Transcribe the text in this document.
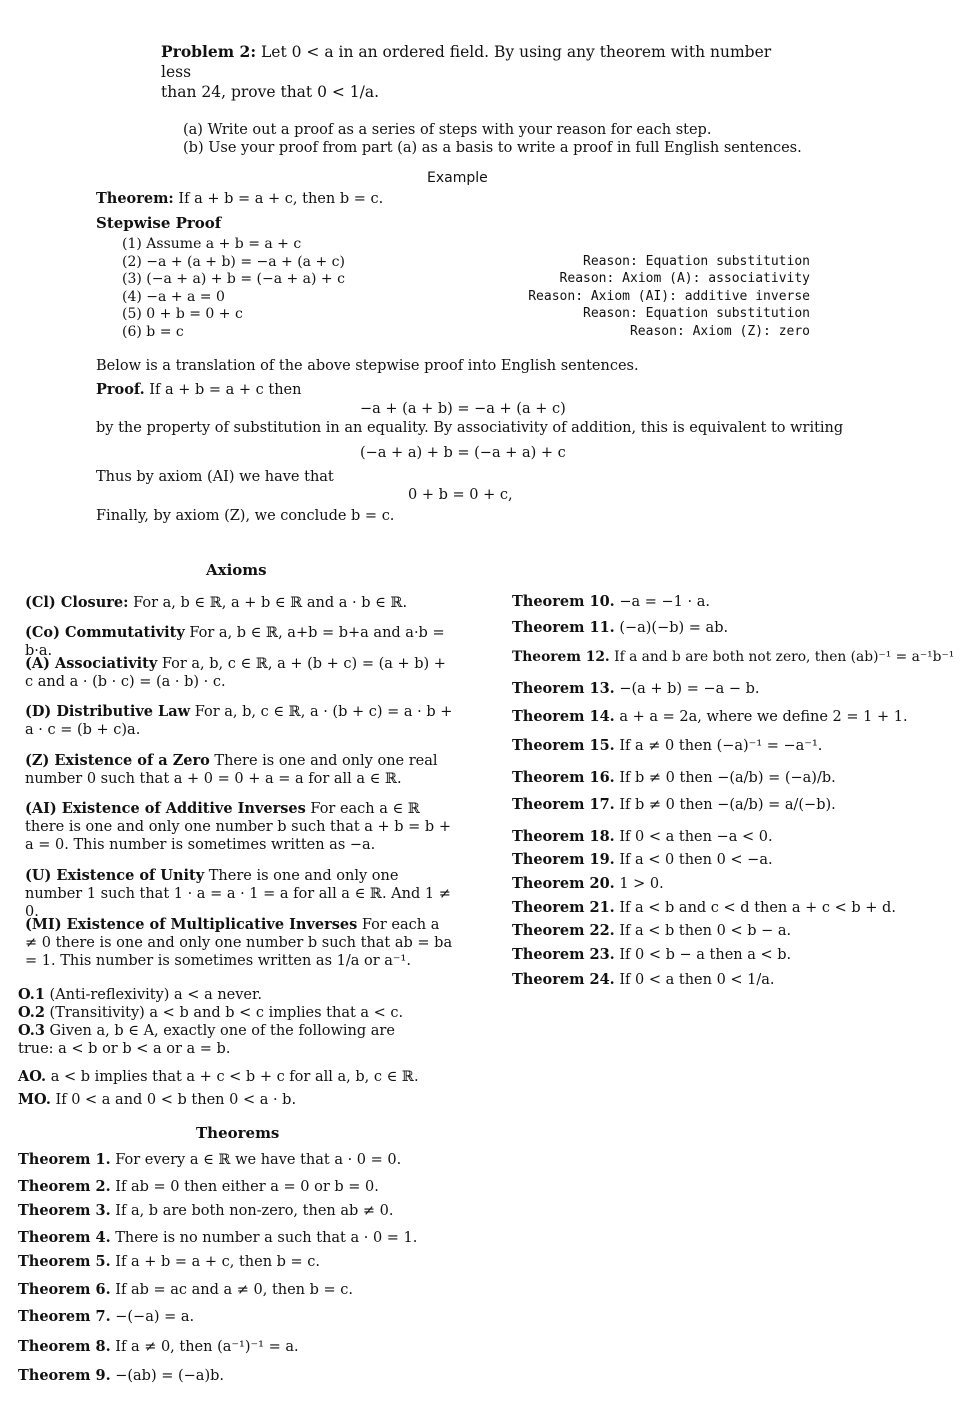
Problem 2: Let 0 < a in an ordered field. By using any theorem with number less
than 24, prove that 0 < 1/a.
(a) Write out a proof as a series of steps with your reason for each step.
(b) Use your proof from part (a) as a basis to write a proof in full English sentences.
Example
Theorem: If a + b = a + c, then b = c.
Stepwise Proof
(1) Assume a + b = a + c
(2) −a + (a + b) = −a + (a + c)	Reason: Equation substitution
(3) (−a + a) + b = (−a + a) + c	Reason: Axiom (A): associativity
(4) −a + a = 0	Reason: Axiom (AI): additive inverse
(5) 0 + b = 0 + c	Reason: Equation substitution
(6) b = c	Reason: Axiom (Z): zero
Below is a translation of the above stepwise proof into English sentences.
Proof. If a + b = a + c then
−a + (a + b) = −a + (a + c)
by the property of substitution in an equality. By associativity of addition, this is equivalent to writing
(−a + a) + b = (−a + a) + c
Thus by axiom (AI) we have that
0 + b = 0 + c,
Finally, by axiom (Z), we conclude b = c.
Axioms
(Cl) Closure: For a, b ∈ ℝ, a + b ∈ ℝ and a · b ∈ ℝ.
(Co) Commutativity For a, b ∈ ℝ, a+b = b+a and a·b = b·a.
(A) Associativity For a, b, c ∈ ℝ, a + (b + c) = (a + b) + c and a · (b · c) = (a · b) · c.
(D) Distributive Law For a, b, c ∈ ℝ, a · (b + c) = a · b + a · c = (b + c)a.
(Z) Existence of a Zero There is one and only one real number 0 such that a + 0 = 0 + a = a for all a ∈ ℝ.
(AI) Existence of Additive Inverses For each a ∈ ℝ there is one and only one number b such that a + b = b + a = 0. This number is sometimes written as −a.
(U) Existence of Unity There is one and only one number 1 such that 1 · a = a · 1 = a for all a ∈ ℝ. And 1 ≠ 0.
(MI) Existence of Multiplicative Inverses For each a ≠ 0 there is one and only one number b such that ab = ba = 1. This number is sometimes written as 1/a or a⁻¹.
O.1 (Anti-reflexivity) a < a never.
O.2 (Transitivity) a < b and b < c implies that a < c.
O.3 Given a, b ∈ A, exactly one of the following are true: a < b or b < a or a = b.
AO. a < b implies that a + c < b + c for all a, b, c ∈ ℝ.
MO. If 0 < a and 0 < b then 0 < a · b.
Theorems
Theorem 1. For every a ∈ ℝ we have that a · 0 = 0.
Theorem 2. If ab = 0 then either a = 0 or b = 0.
Theorem 3. If a, b are both non-zero, then ab ≠ 0.
Theorem 4. There is no number a such that a · 0 = 1.
Theorem 5. If a + b = a + c, then b = c.
Theorem 6. If ab = ac and a ≠ 0, then b = c.
Theorem 7. −(−a) = a.
Theorem 8. If a ≠ 0, then (a⁻¹)⁻¹ = a.
Theorem 9. −(ab) = (−a)b.
Theorem 10. −a = −1 · a.
Theorem 11. (−a)(−b) = ab.
Theorem 12. If a and b are both not zero, then (ab)⁻¹ = a⁻¹b⁻¹
Theorem 13. −(a + b) = −a − b.
Theorem 14. a + a = 2a, where we define 2 = 1 + 1.
Theorem 15. If a ≠ 0 then (−a)⁻¹ = −a⁻¹.
Theorem 16. If b ≠ 0 then −(a/b) = (−a)/b.
Theorem 17. If b ≠ 0 then −(a/b) = a/(−b).
Theorem 18. If 0 < a then −a < 0.
Theorem 19. If a < 0 then 0 < −a.
Theorem 20. 1 > 0.
Theorem 21. If a < b and c < d then a + c < b + d.
Theorem 22. If a < b then 0 < b − a.
Theorem 23. If 0 < b − a then a < b.
Theorem 24. If 0 < a then 0 < 1/a.
